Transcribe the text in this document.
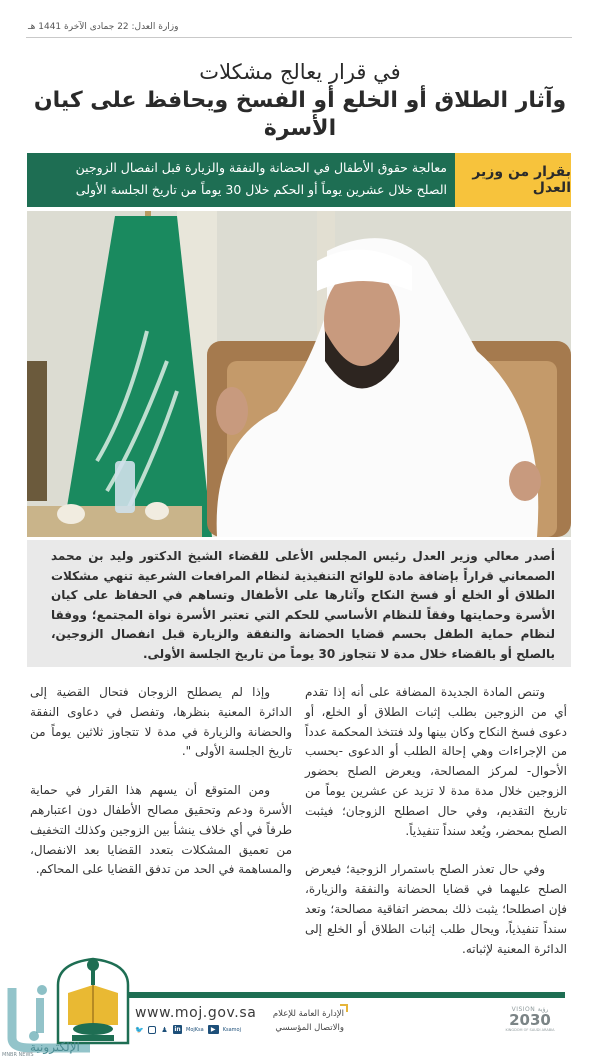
وزارة العدل: 22 جمادى الآخرة 1441 هـ
في قرار يعالج مشكلات
وآثار الطلاق أو الخلع أو الفسخ ويحافظ على كيان الأسرة
بقرار من وزير العدل
معالجة حقوق الأطفال في الحضانة والنفقة والزيارة قبل انفصال الزوجين
الصلح خلال عشرين يوماً أو الحكم خلال 30 يوماً من تاريخ الجلسة الأولى
أصدر معالي وزير العدل رئيس المجلس الأعلى للقضاء الشيخ الدكتور وليد بن محمد الصمعاني قراراً بإضافة مادة للوائح التنفيذية لنظام المرافعات الشرعية تنهي مشكلات الطلاق أو الخلع أو فسخ النكاح وآثارها على الأطفال وتساهم في الحفاظ على كيان الأسرة وحمايتها وفقاً للنظام الأساسي للحكم التي تعتبر الأسرة نواة المجتمع؛ ووفقا لنظام حماية الطفل بحسم قضايا الحضانة والنفقة والزيارة قبل انفصال الزوجين، بالصلح أو بالقضاء خلال مدة لا تتجاوز 30 يوماً من تاريخ الجلسة الأولى.

وتنص المادة الجديدة المضافة على أنه إذا تقدم أي من الزوجين بطلب إثبات الطلاق أو الخلع، أو دعوى فسخ النكاح وكان بينها ولد فتتخذ المحكمة عدداً من الإجراءات وهي إحالة الطلب أو الدعوى -بحسب الأحوال- لمركز المصالحة، ويعرض الصلح بحضور الزوجين خلال مدة مدة لا تزيد عن عشرين يوماً من تاريخ التقديم، وفي حال اصطلح الزوجان؛ فيثبت الصلح بمحضر، ويُعد سنداً تنفيذياً.

وفي حال تعذر الصلح باستمرار الزوجية؛ فيعرض الصلح عليهما في قضايا الحضانة والنفقة والزيارة، فإن اصطلحا؛ يثبت ذلك بمحضر اتفاقية مصالحة؛ وتعد سنداً تنفيذياً، ويحال طلب إثبات الطلاق أو الخلع إلى الدائرة المعنية لإثباته.

وإذا لم يصطلح الزوجان فتحال القضية إلى الدائرة المعنية بنظرها، وتفصل في دعاوى النفقة والحضانة والزيارة في مدة لا تتجاوز ثلاثين يوماً من تاريخ الجلسة الأولى ".

ومن المتوقع أن يسهم هذا القرار في حماية الأسرة ودعم وتحقيق مصالح الأطفال دون اعتبارهم طرفاً في أي خلاف ينشأ بين الزوجين وكذلك التخفيف من تعميق المشكلات بتعدد القضايا بعد الانفصال، والمساهمة في الحد من تدفق القضايا على المحاكم.

الإلكترونية
MNBR NEWS
www.moj.gov.sa
🐦	♟ in MojKsa	▶	Ksamoj
الإدارة العامة للإعلام
والاتصال المؤسسي
VISION رؤية
2030
KINGDOM OF SAUDI ARABIA
